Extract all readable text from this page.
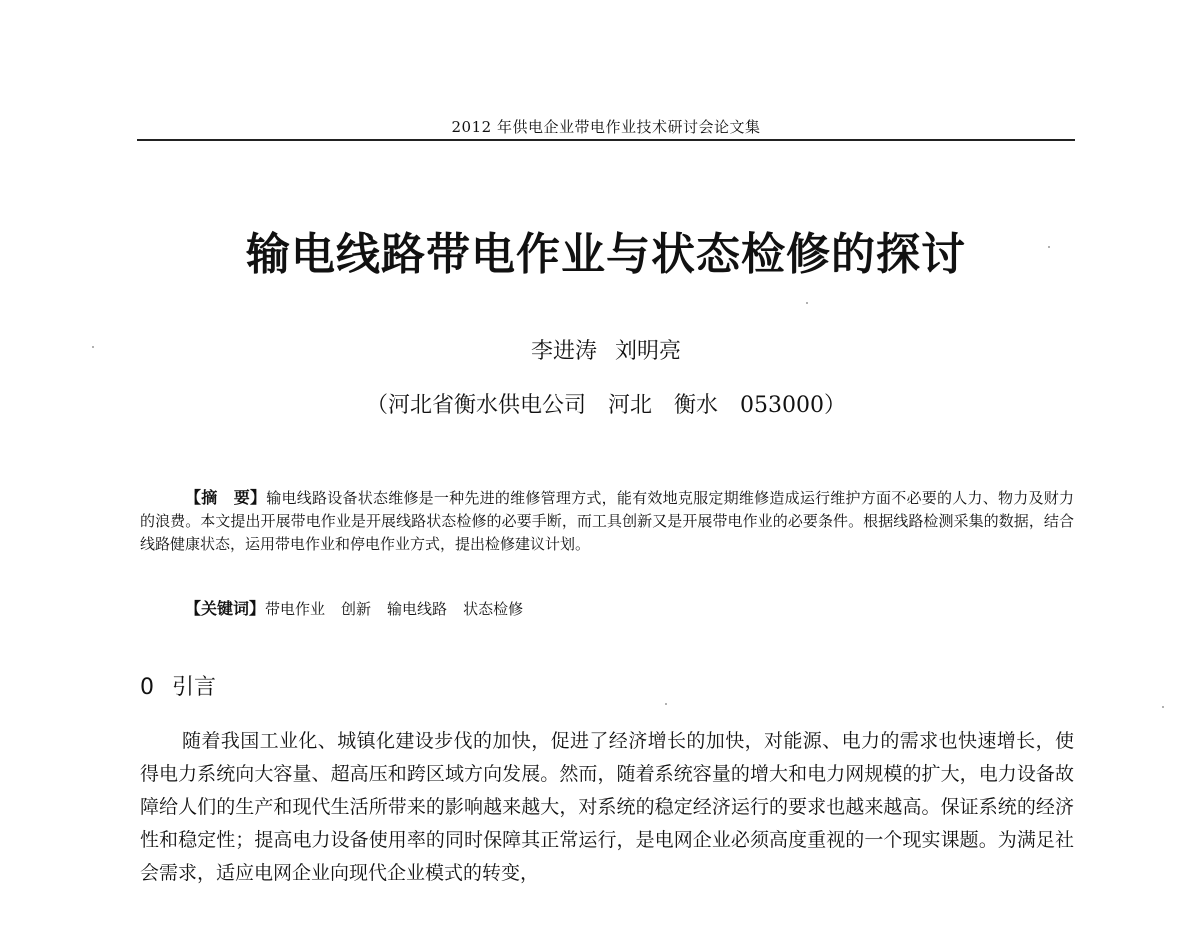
2012 年供电企业带电作业技术研讨会论文集
输电线路带电作业与状态检修的探讨
李进涛 刘明亮
（河北省衡水供电公司　河北　衡水　053000）
【摘　要】输电线路设备状态维修是一种先进的维修管理方式，能有效地克服定期维修造成运行维护方面不必要的人力、物力及财力的浪费。本文提出开展带电作业是开展线路状态检修的必要手断，而工具创新又是开展带电作业的必要条件。根据线路检测采集的数据，结合线路健康状态，运用带电作业和停电作业方式，提出检修建议计划。
【关键词】带电作业 创新 输电线路 状态检修
0 引言
随着我国工业化、城镇化建设步伐的加快，促进了经济增长的加快，对能源、电力的需求也快速增长，使得电力系统向大容量、超高压和跨区域方向发展。然而，随着系统容量的增大和电力网规模的扩大，电力设备故障给人们的生产和现代生活所带来的影响越来越大，对系统的稳定经济运行的要求也越来越高。保证系统的经济性和稳定性；提高电力设备使用率的同时保障其正常运行，是电网企业必须高度重视的一个现实课题。为满足社会需求，适应电网企业向现代企业模式的转变，
